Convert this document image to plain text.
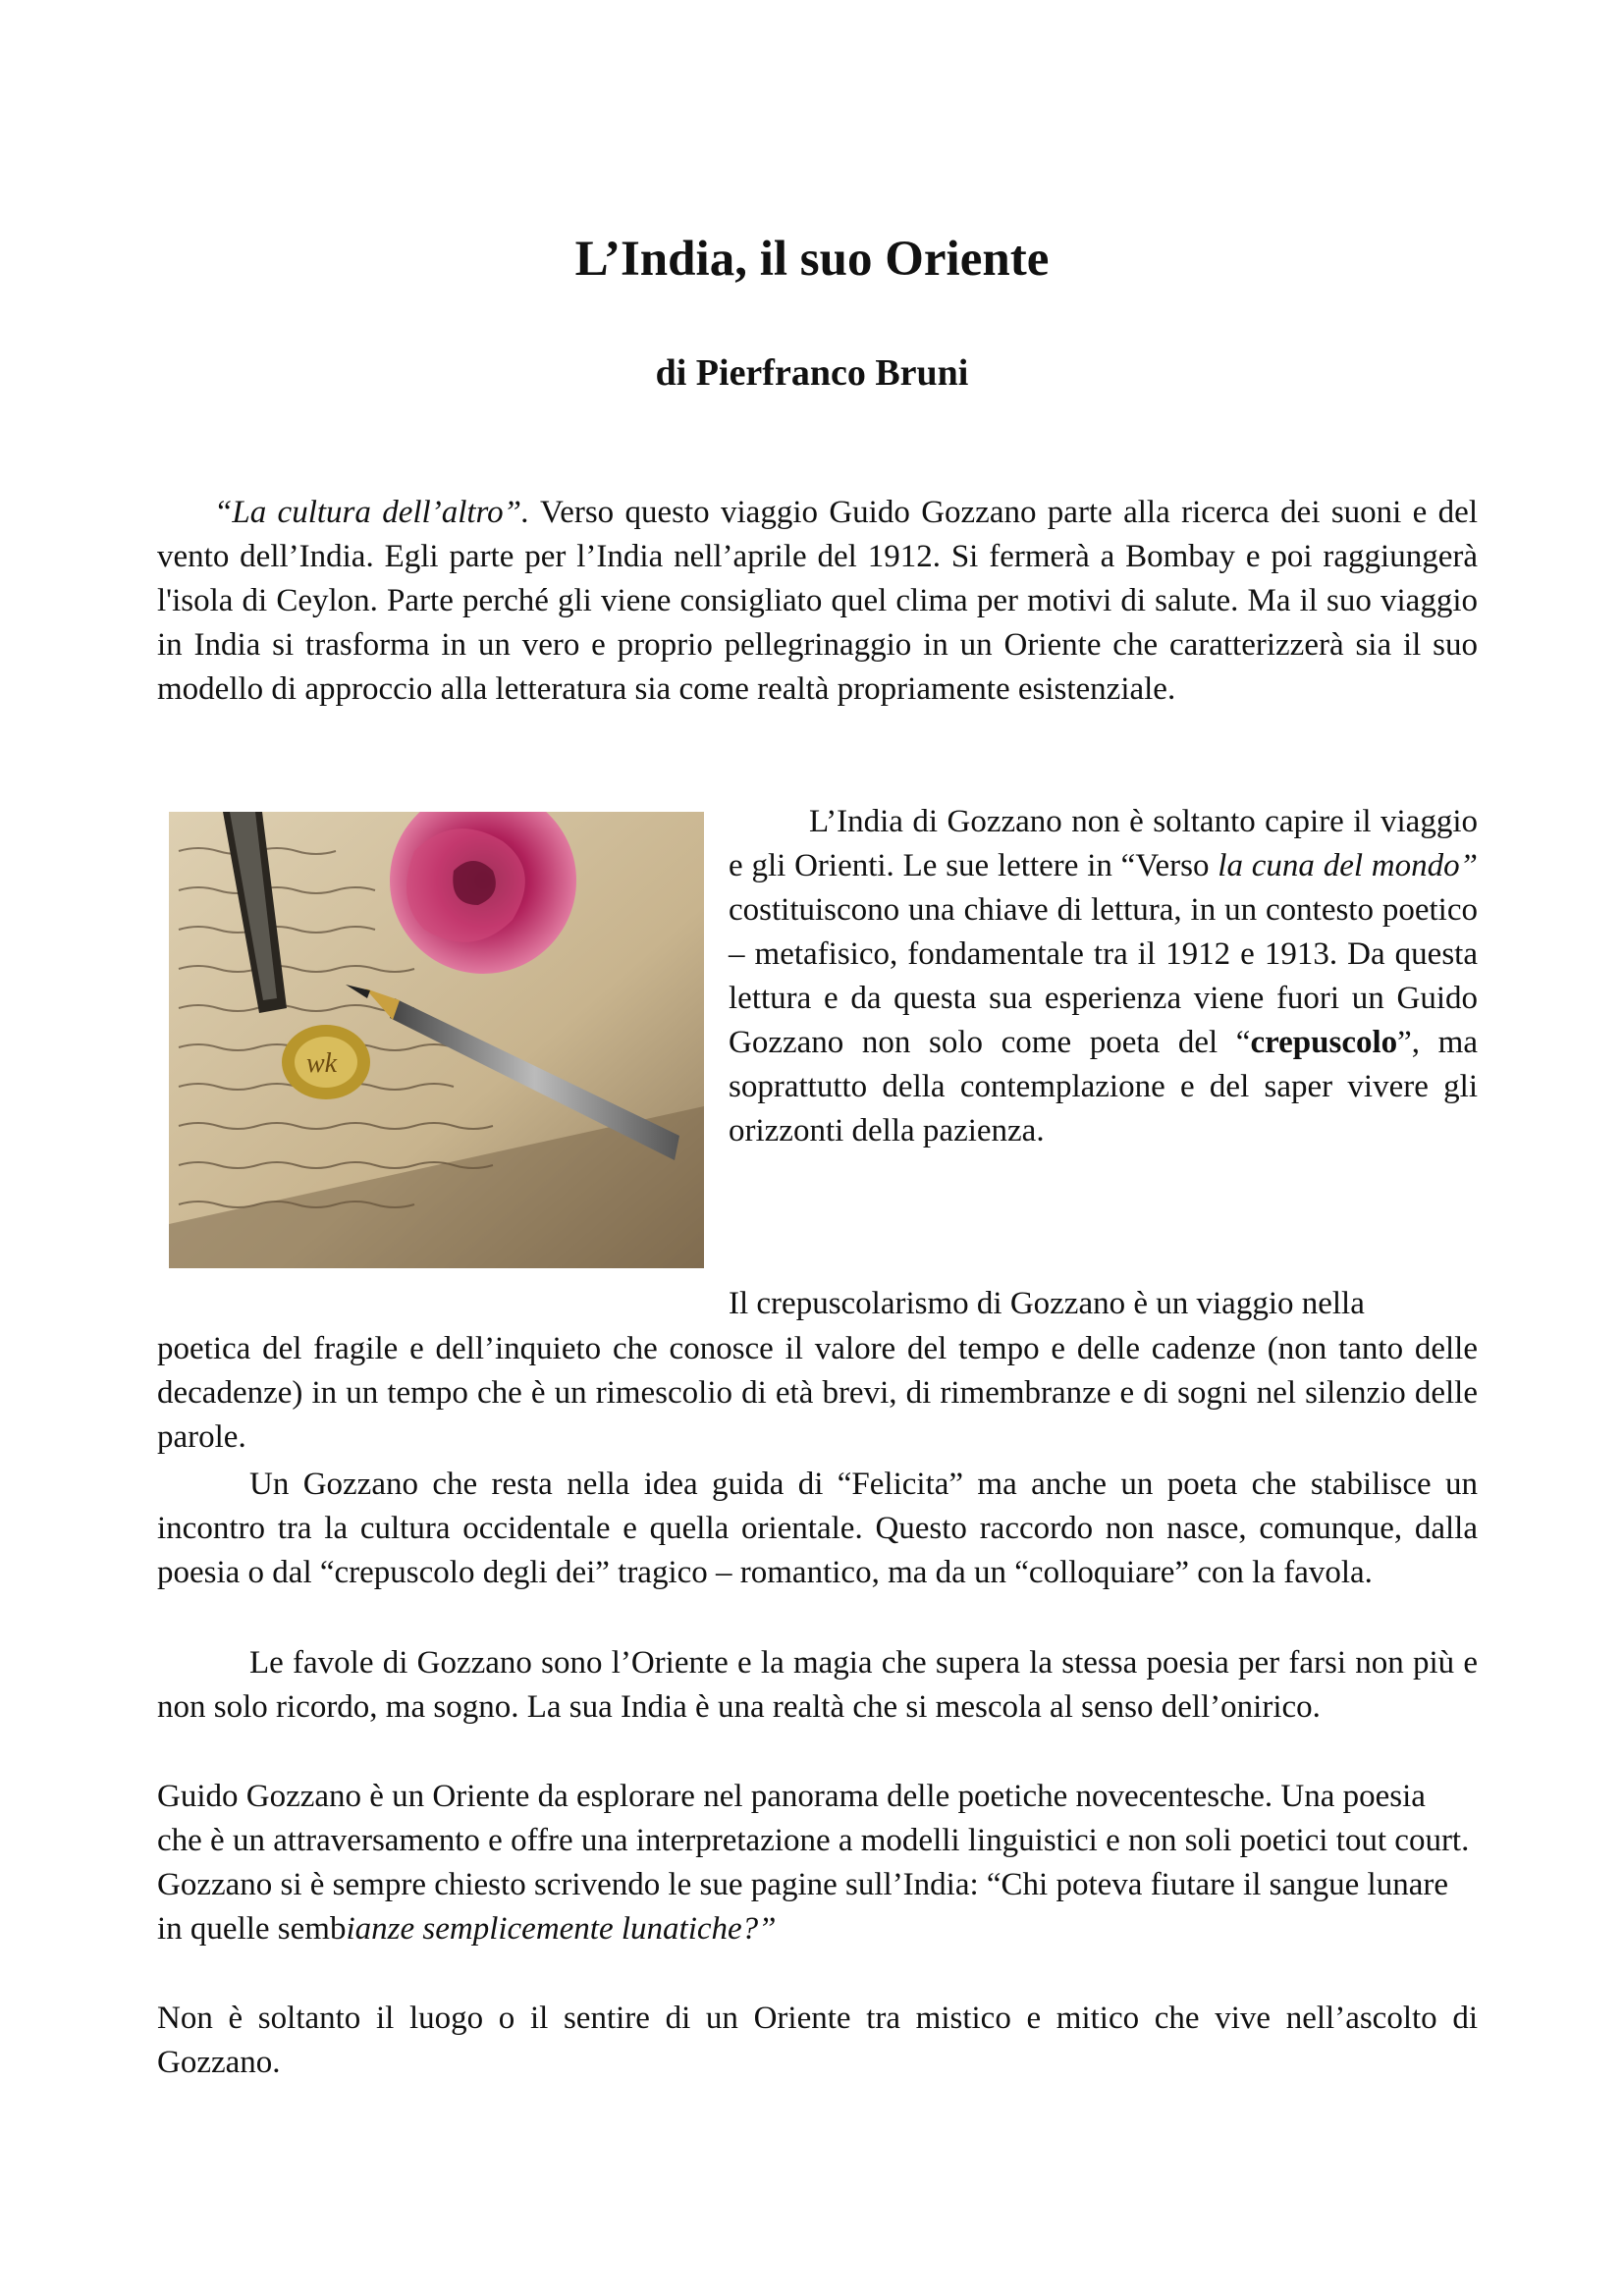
L’India, il suo Oriente
di Pierfranco Bruni

“La cultura dell’altro”. Verso questo viaggio Guido Gozzano parte alla ricerca dei suoni e del vento dell’India. Egli parte per l’India nell’aprile del 1912. Si fermerà a Bombay e poi raggiungerà l'isola di Ceylon. Parte perché gli viene consigliato quel clima per motivi di salute. Ma il suo viaggio in India si trasforma in un vero e proprio pellegrinaggio in un Oriente che caratterizzerà sia il suo modello di approccio alla letteratura sia come realtà propriamente esistenziale.

wk

L’India di Gozzano non è soltanto capire il viaggio e gli Orienti. Le sue lettere in “Verso la cuna del mondo” costituiscono una chiave di lettura, in un contesto poetico – metafisico, fondamentale tra il 1912 e 1913. Da questa lettura e da questa sua esperienza viene fuori un Guido Gozzano non solo come poeta del “crepuscolo”, ma soprattutto della contemplazione e del saper vivere gli orizzonti della pazienza.

Il crepuscolarismo di Gozzano è un viaggio nella

poetica del fragile e dell’inquieto che conosce il valore del tempo e delle cadenze (non tanto delle decadenze) in un tempo che è un rimescolio di età brevi, di rimembranze e di sogni nel silenzio delle parole.

Un Gozzano che resta nella idea guida di “Felicita” ma anche un poeta che stabilisce un incontro tra la cultura occidentale e quella orientale. Questo raccordo non nasce, comunque, dalla poesia o dal “crepuscolo degli dei” tragico – romantico, ma da un “colloquiare” con la favola.

Le favole di Gozzano sono l’Oriente e la magia che supera la stessa poesia per farsi non più e non solo ricordo, ma sogno. La sua India è una realtà che si mescola al senso dell’onirico.

Guido Gozzano è un Oriente da esplorare nel panorama delle poetiche novecentesche. Una poesia che è un attraversamento e offre una interpretazione a modelli linguistici e non soli poetici tout court. Gozzano si è sempre chiesto scrivendo le sue pagine sull’India: “Chi poteva fiutare il sangue lunare in quelle sembianze semplicemente lunatiche?”

Non è soltanto il luogo o il sentire di un Oriente tra mistico e mitico che vive nell’ascolto di Gozzano.
